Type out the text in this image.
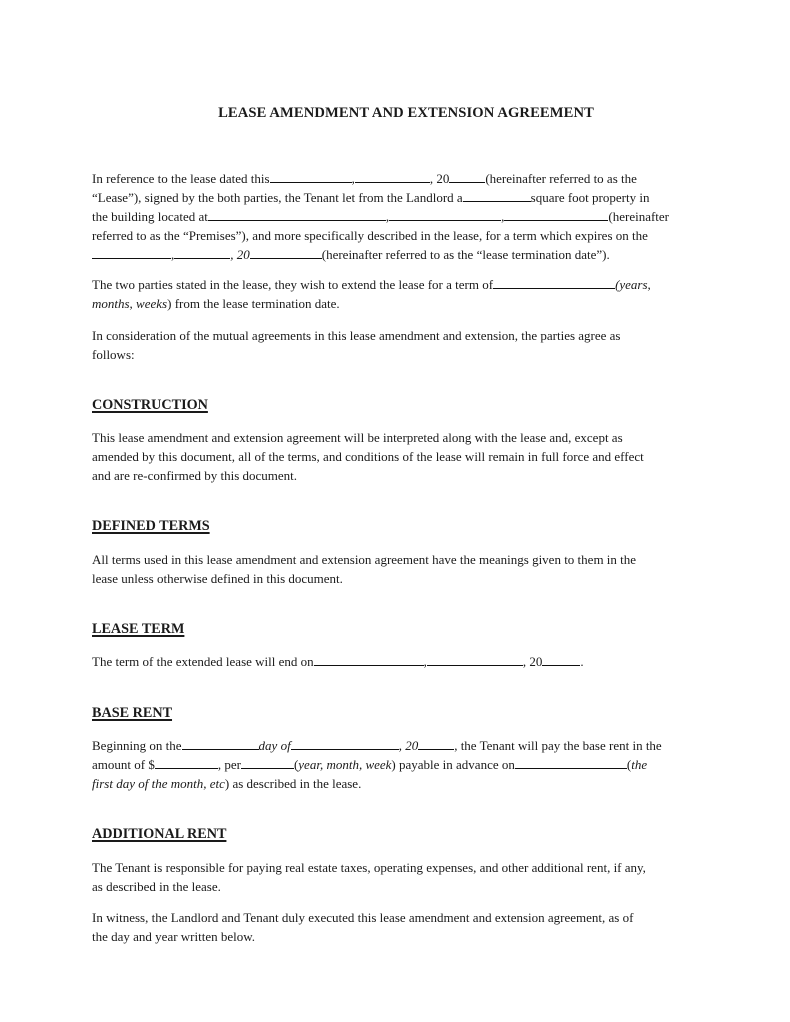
LEASE AMENDMENT AND EXTENSION AGREEMENT
In reference to the lease dated this	,	, 20	(hereinafter referred to as the
“Lease”), signed by the both parties, the Tenant let from the Landlord a	square foot property in
the building located at	,	,	(hereinafter
referred to as the “Premises”), and more specifically described in the lease, for a term which expires on the
,	, 20	(hereinafter referred to as the “lease termination date”).
The two parties stated in the lease, they wish to extend the lease for a term of	(years,
months, weeks) from the lease termination date.
In consideration of the mutual agreements in this lease amendment and extension, the parties agree as
follows:
CONSTRUCTION
This lease amendment and extension agreement will be interpreted along with the lease and, except as
amended by this document, all of the terms, and conditions of the lease will remain in full force and effect
and are re-confirmed by this document.
DEFINED TERMS
All terms used in this lease amendment and extension agreement have the meanings given to them in the
lease unless otherwise defined in this document.
LEASE TERM
The term of the extended lease will end on	,	, 20	.
BASE RENT
Beginning on the	day of	, 20	, the Tenant will pay the base rent in the
amount of $	, per	(year, month, week) payable in advance on	(the
first day of the month, etc) as described in the lease.
ADDITIONAL RENT
The Tenant is responsible for paying real estate taxes, operating expenses, and other additional rent, if any,
as described in the lease.
In witness, the Landlord and Tenant duly executed this lease amendment and extension agreement, as of
the day and year written below.
